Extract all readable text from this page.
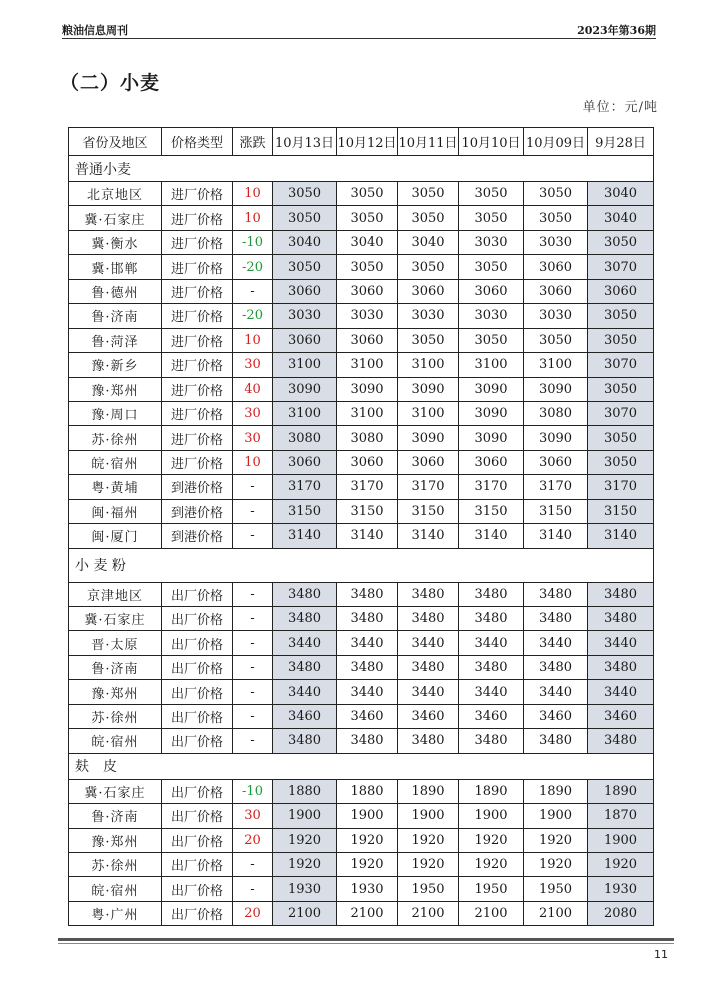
粮油信息周刊	2023年第36期
（二）小麦
单位：元/吨
省份及地区	价格类型	涨跌	10月13日	10月12日	10月11日	10月10日	10月09日	9月28日
普通小麦								
北京地区	进厂价格	10	3050	3050	3050	3050	3050	3040
冀·石家庄	进厂价格	10	3050	3050	3050	3050	3050	3040
冀·衡水	进厂价格	-10	3040	3040	3040	3030	3030	3050
冀·邯郸	进厂价格	-20	3050	3050	3050	3050	3060	3070
鲁·德州	进厂价格	-	3060	3060	3060	3060	3060	3060
鲁·济南	进厂价格	-20	3030	3030	3030	3030	3030	3050
鲁·菏泽	进厂价格	10	3060	3060	3050	3050	3050	3050
豫·新乡	进厂价格	30	3100	3100	3100	3100	3100	3070
豫·郑州	进厂价格	40	3090	3090	3090	3090	3090	3050
豫·周口	进厂价格	30	3100	3100	3100	3090	3080	3070
苏·徐州	进厂价格	30	3080	3080	3090	3090	3090	3050
皖·宿州	进厂价格	10	3060	3060	3060	3060	3060	3050
粤·黄埔	到港价格	-	3170	3170	3170	3170	3170	3170
闽·福州	到港价格	-	3150	3150	3150	3150	3150	3150
闽·厦门	到港价格	-	3140	3140	3140	3140	3140	3140
小 麦 粉								
京津地区	出厂价格	-	3480	3480	3480	3480	3480	3480
冀·石家庄	出厂价格	-	3480	3480	3480	3480	3480	3480
晋·太原	出厂价格	-	3440	3440	3440	3440	3440	3440
鲁·济南	出厂价格	-	3480	3480	3480	3480	3480	3480
豫·郑州	出厂价格	-	3440	3440	3440	3440	3440	3440
苏·徐州	出厂价格	-	3460	3460	3460	3460	3460	3460
皖·宿州	出厂价格	-	3480	3480	3480	3480	3480	3480
麸　皮								
冀·石家庄	出厂价格	-10	1880	1880	1890	1890	1890	1890
鲁·济南	出厂价格	30	1900	1900	1900	1900	1900	1870
豫·郑州	出厂价格	20	1920	1920	1920	1920	1920	1900
苏·徐州	出厂价格	-	1920	1920	1920	1920	1920	1920
皖·宿州	出厂价格	-	1930	1930	1950	1950	1950	1930
粤·广州	出厂价格	20	2100	2100	2100	2100	2100	2080
11
